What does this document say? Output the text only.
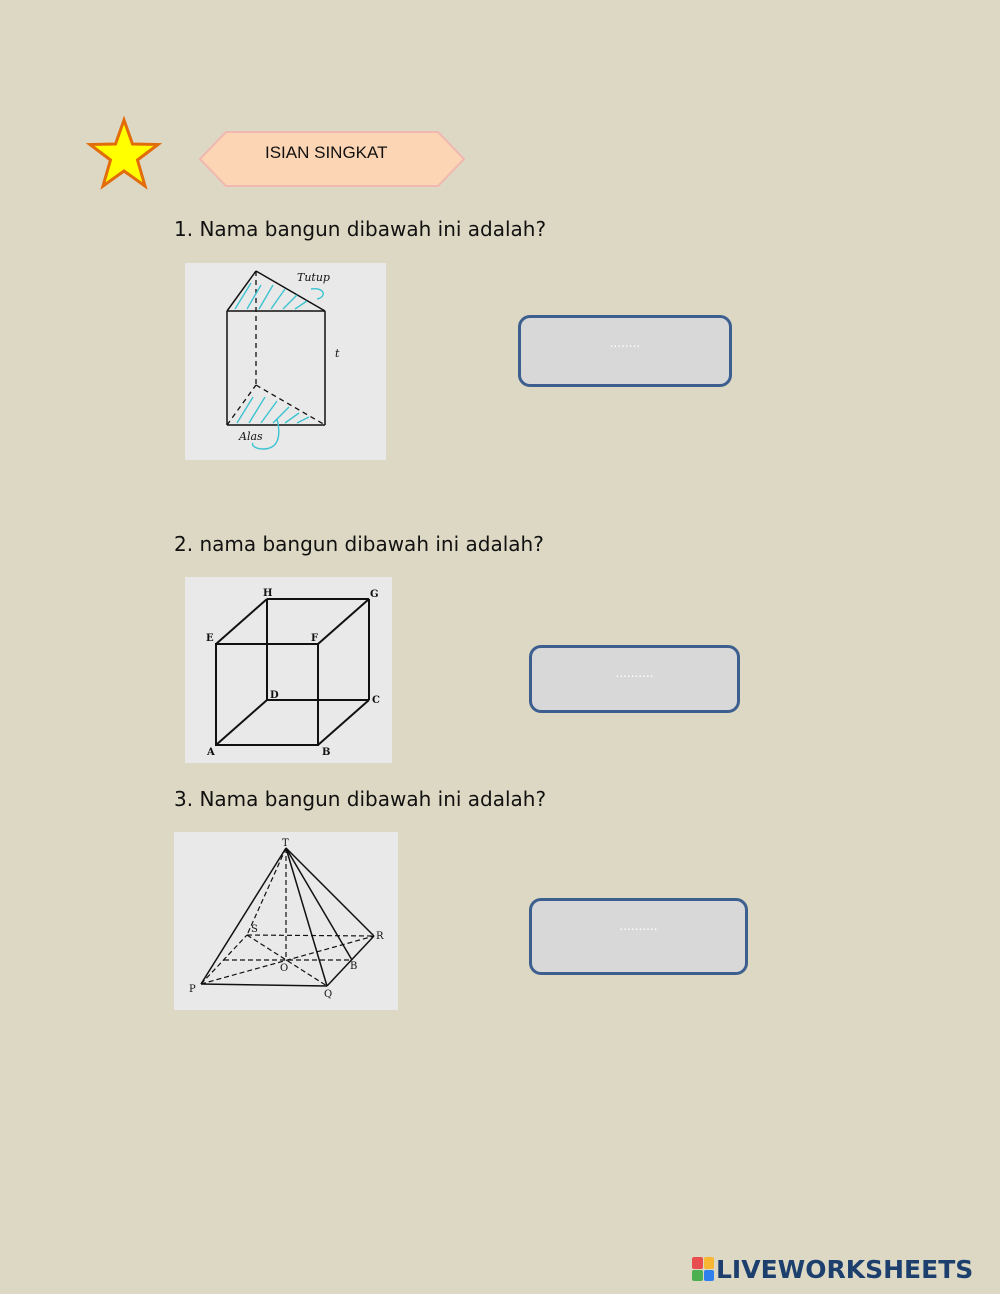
ISIAN SINGKAT
1. Nama bangun dibawah ini adalah?
Tutup
t
Alas
........
2. nama bangun dibawah ini adalah?
A	B
C
D
E	F
G
H
..........
3. Nama bangun dibawah ini adalah?
T
S
R
O	B
P	Q
..........
LIVEWORKSHEETS
